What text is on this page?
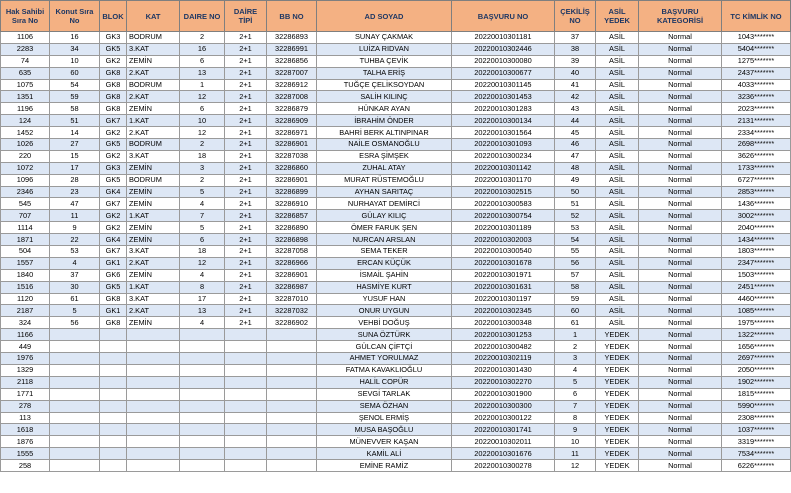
Hak Sahibi Sıra No	Konut Sıra No	BLOK	KAT	DAIRE NO	DAİRE TİPİ	BB NO	AD SOYAD	BAŞVURU NO	ÇEKİLİŞ NO	ASİL YEDEK	BAŞVURU KATEGORİSİ	TC KİMLİK NO
1106	16	GK3	BODRUM	2	2+1	32286893	SUNAY ÇAKMAK	20220010301181	37	ASİL	Normal	1043*******
2283	34	GK5	3.KAT	16	2+1	32286991	LUİZA RIDVAN	20220010302446	38	ASİL	Normal	5404*******
74	10	GK2	ZEMİN	6	2+1	32286856	TUHBA ÇEVİK	20220010300080	39	ASİL	Normal	1275*******
635	60	GK8	2.KAT	13	2+1	32287007	TALHA ERİŞ	20220010300677	40	ASİL	Normal	2437*******
1075	54	GK8	BODRUM	1	2+1	32286912	TUĞÇE ÇELİKSOYDAN	20220010301145	41	ASİL	Normal	4033*******
1351	59	GK8	2.KAT	12	2+1	32287008	SALİH KILINÇ	20220010301453	42	ASİL	Normal	3236*******
1196	58	GK8	ZEMİN	6	2+1	32286879	HÜNKAR AYAN	20220010301283	43	ASİL	Normal	2023*******
124	51	GK7	1.KAT	10	2+1	32286909	İBRAHİM ÖNDER	20220010300134	44	ASİL	Normal	2131*******
1452	14	GK2	2.KAT	12	2+1	32286971	BAHRİ BERK ALTINPINAR	20220010301564	45	ASİL	Normal	2334*******
1026	27	GK5	BODRUM	2	2+1	32286901	NAİLE OSMANOĞLU	20220010301093	46	ASİL	Normal	2698*******
220	15	GK2	3.KAT	18	2+1	32287038	ESRA ŞİMŞEK	20220010300234	47	ASİL	Normal	3626*******
1072	17	GK3	ZEMİN	3	2+1	32286860	ZUHAL ATAY	20220010301142	48	ASİL	Normal	1733*******
1096	28	GK5	BODRUM	2	2+1	32286901	MURAT RÜSTEMOĞLU	20220010301170	49	ASİL	Normal	6727*******
2346	23	GK4	ZEMİN	5	2+1	32286899	AYHAN SARITAÇ	20220010302515	50	ASİL	Normal	2853*******
545	47	GK7	ZEMİN	4	2+1	32286910	NURHAYAT DEMİRCİ	20220010300583	51	ASİL	Normal	1436*******
707	11	GK2	1.KAT	7	2+1	32286857	GÜLAY KILIÇ	20220010300754	52	ASİL	Normal	3002*******
1114	9	GK2	ZEMİN	5	2+1	32286890	ÖMER FARUK ŞEN	20220010301189	53	ASİL	Normal	2040*******
1871	22	GK4	ZEMİN	6	2+1	32286898	NURCAN ARSLAN	20220010302003	54	ASİL	Normal	1434*******
504	53	GK7	3.KAT	18	2+1	32287058	SEMA TEKER	20220010300540	55	ASİL	Normal	1803*******
1557	4	GK1	2.KAT	12	2+1	32286966	ERCAN KÜÇÜK	20220010301678	56	ASİL	Normal	2347*******
1840	37	GK6	ZEMİN	4	2+1	32286901	İSMAİL ŞAHİN	20220010301971	57	ASİL	Normal	1503*******
1516	30	GK5	1.KAT	8	2+1	32286987	HASMİYE KURT	20220010301631	58	ASİL	Normal	2451*******
1120	61	GK8	3.KAT	17	2+1	32287010	YUSUF HAN	20220010301197	59	ASİL	Normal	4460*******
2187	5	GK1	2.KAT	13	2+1	32287032	ONUR UYGUN	20220010302345	60	ASİL	Normal	1085*******
324	56	GK8	ZEMİN	4	2+1	32286902	VEHBİ DOĞUŞ	20220010300348	61	ASİL	Normal	1975*******
1166							SUNA ÖZTÜRK	20220010301253	1	YEDEK	Normal	1322*******
449							GÜLCAN ÇİFTÇİ	20220010300482	2	YEDEK	Normal	1656*******
1976							AHMET YORULMAZ	20220010302119	3	YEDEK	Normal	2697*******
1329							FATMA KAVAKLIOĞLU	20220010301430	4	YEDEK	Normal	2050*******
2118							HALİL COPÜR	20220010302270	5	YEDEK	Normal	1902*******
1771							SEVGİ TARLAK	20220010301900	6	YEDEK	Normal	1815*******
278							SEMA ÖZHAN	20220010300300	7	YEDEK	Normal	5990*******
113							ŞENOL ERMİŞ	20220010300122	8	YEDEK	Normal	2308*******
1618							MUSA BAŞOĞLU	20220010301741	9	YEDEK	Normal	1037*******
1876							MÜNEVVER KAŞAN	20220010302011	10	YEDEK	Normal	3319*******
1555							KAMİL ALİ	20220010301676	11	YEDEK	Normal	7534*******
258							EMİNE RAMİZ	20220010300278	12	YEDEK	Normal	6226*******
